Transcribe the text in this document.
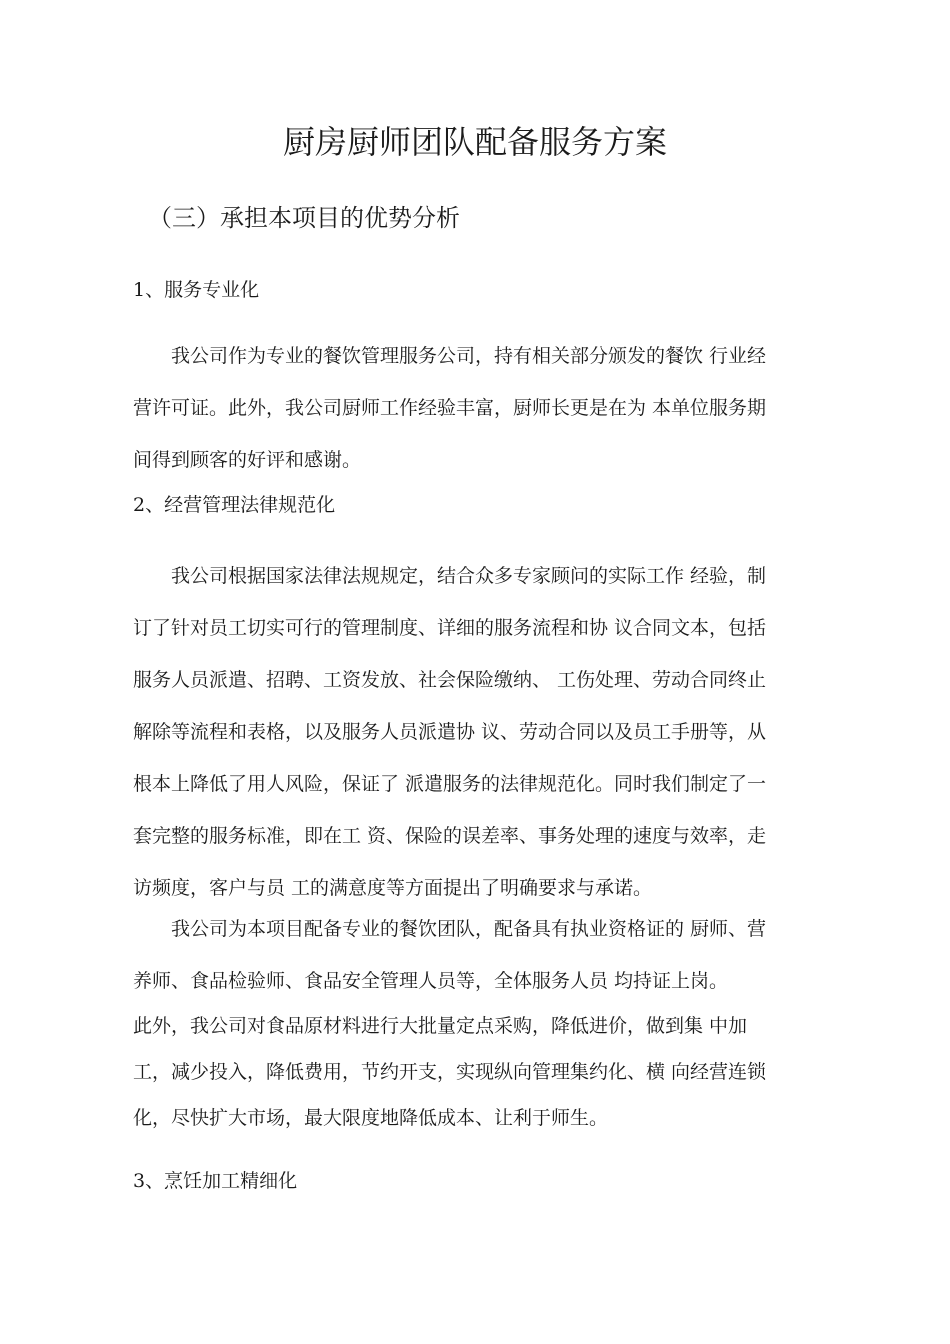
厨房厨师团队配备服务方案
（三）承担本项目的优势分析
1、服务专业化
　　我公司作为专业的餐饮管理服务公司，持有相关部分颁发的餐饮 行业经
营许可证。此外，我公司厨师工作经验丰富，厨师长更是在为 本单位服务期
间得到顾客的好评和感谢。
2、经营管理法律规范化
　　我公司根据国家法律法规规定，结合众多专家顾问的实际工作 经验，制
订了针对员工切实可行的管理制度、详细的服务流程和协 议合同文本，包括
服务人员派遣、招聘、工资发放、社会保险缴纳、 工伤处理、劳动合同终止
解除等流程和表格，以及服务人员派遣协 议、劳动合同以及员工手册等，从
根本上降低了用人风险，保证了 派遣服务的法律规范化。同时我们制定了一
套完整的服务标准，即在工 资、保险的误差率、事务处理的速度与效率，走
访频度，客户与员 工的满意度等方面提出了明确要求与承诺。
　　我公司为本项目配备专业的餐饮团队，配备具有执业资格证的 厨师、营
养师、食品检验师、食品安全管理人员等，全体服务人员 均持证上岗。
此外，我公司对食品原材料进行大批量定点采购，降低进价，做到集 中加
工，减少投入，降低费用，节约开支，实现纵向管理集约化、横 向经营连锁
化，尽快扩大市场，最大限度地降低成本、让利于师生。
3、烹饪加工精细化
